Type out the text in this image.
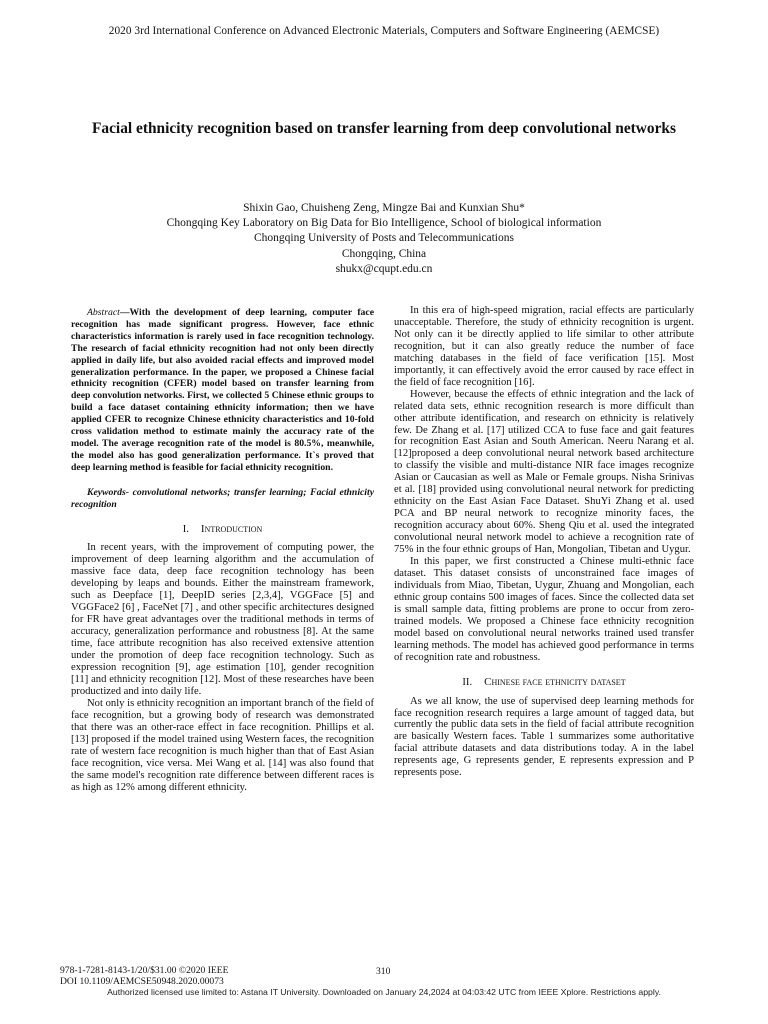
2020 3rd International Conference on Advanced Electronic Materials, Computers and Software Engineering (AEMCSE)
Facial ethnicity recognition based on transfer learning from deep convolutional networks
Shixin Gao, Chuisheng Zeng, Mingze Bai and Kunxian Shu*
Chongqing Key Laboratory on Big Data for Bio Intelligence, School of biological information
Chongqing University of Posts and Telecommunications
Chongqing, China
shukx@cqupt.edu.cn

Abstract—With the development of deep learning, computer face recognition has made significant progress. However, face ethnic characteristics information is rarely used in face recognition technology. The research of facial ethnicity recognition had not only been directly applied in daily life, but also avoided racial effects and improved model generalization performance. In the paper, we proposed a Chinese facial ethnicity recognition (CFER) model based on transfer learning from deep convolution networks. First, we collected 5 Chinese ethnic groups to build a face dataset containing ethnicity information; then we have applied CFER to recognize Chinese ethnicity characteristics and 10-fold cross validation method to estimate mainly the accuracy rate of the model. The average recognition rate of the model is 80.5%, meanwhile, the model also has good generalization performance. It`s proved that deep learning method is feasible for facial ethnicity recognition.

Keywords- convolutional networks; transfer learning; Facial ethnicity recognition

I. Introduction

In recent years, with the improvement of computing power, the improvement of deep learning algorithm and the accumulation of massive face data, deep face recognition technology has been developing by leaps and bounds. Either the mainstream framework, such as Deepface [1], DeepID series [2,3,4], VGGFace [5] and VGGFace2 [6] , FaceNet [7] , and other specific architectures designed for FR have great advantages over the traditional methods in terms of accuracy, generalization performance and robustness [8]. At the same time, face attribute recognition has also received extensive attention under the promotion of deep face recognition technology. Such as expression recognition [9], age estimation [10], gender recognition [11] and ethnicity recognition [12]. Most of these researches have been productized and into daily life.

Not only is ethnicity recognition an important branch of the field of face recognition, but a growing body of research was demonstrated that there was an other-race effect in face recognition. Phillips et al. [13] proposed if the model trained using Western faces, the recognition rate of western face recognition is much higher than that of East Asian face recognition, vice versa. Mei Wang et al. [14] was also found that the same model's recognition rate difference between different races is as high as 12% among different ethnicity.

In this era of high-speed migration, racial effects are particularly unacceptable. Therefore, the study of ethnicity recognition is urgent. Not only can it be directly applied to life similar to other attribute recognition, but it can also greatly reduce the number of face matching databases in the field of face verification [15]. Most importantly, it can effectively avoid the error caused by race effect in the field of face recognition [16].

However, because the effects of ethnic integration and the lack of related data sets, ethnic recognition research is more difficult than other attribute identification, and research on ethnicity is relatively few. De Zhang et al. [17] utilized CCA to fuse face and gait features for recognition East Asian and South American. Neeru Narang et al. [12]proposed a deep convolutional neural network based architecture to classify the visible and multi-distance NIR face images recognize Asian or Caucasian as well as Male or Female groups. Nisha Srinivas et al. [18] provided using convolutional neural network for predicting ethnicity on the East Asian Face Dataset. ShuYi Zhang et al. used PCA and BP neural network to recognize minority faces, the recognition accuracy about 60%. Sheng Qiu et al. used the integrated convolutional neural network model to achieve a recognition rate of 75% in the four ethnic groups of Han, Mongolian, Tibetan and Uygur.

In this paper, we first constructed a Chinese multi-ethnic face dataset. This dataset consists of unconstrained face images of individuals from Miao, Tibetan, Uygur, Zhuang and Mongolian, each ethnic group contains 500 images of faces. Since the collected data set is small sample data, fitting problems are prone to occur from zero-trained models. We proposed a Chinese face ethnicity recognition model based on convolutional neural networks trained used transfer learning methods. The model has achieved good performance in terms of recognition rate and robustness.

II. Chinese face ethnicity dataset

As we all know, the use of supervised deep learning methods for face recognition research requires a large amount of tagged data, but currently the public data sets in the field of facial attribute recognition are basically Western faces. Table 1 summarizes some authoritative facial attribute datasets and data distributions today. A in the label represents age, G represents gender, E represents expression and P represents pose.

978-1-7281-8143-1/20/$31.00 ©2020 IEEE
DOI 10.1109/AEMCSE50948.2020.00073
310
Authorized licensed use limited to: Astana IT University. Downloaded on January 24,2024 at 04:03:42 UTC from IEEE Xplore. Restrictions apply.
